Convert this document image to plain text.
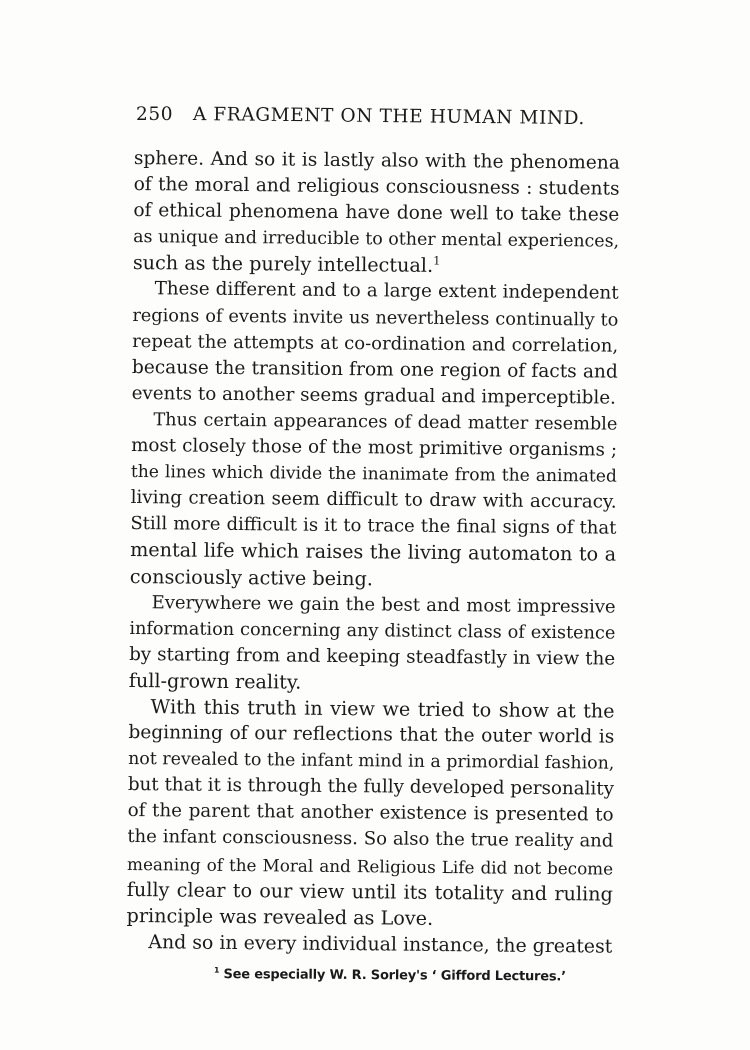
250 A FRAGMENT ON THE HUMAN MIND.
sphere. And so it is lastly also with the phenomena
of the moral and religious consciousness : students
of ethical phenomena have done well to take these
as unique and irreducible to other mental experiences,
such as the purely intellectual.$^1$
These different and to a large extent independent
regions of events invite us nevertheless continually to
repeat the attempts at co-ordination and correlation,
because the transition from one region of facts and
events to another seems gradual and imperceptible.
Thus certain appearances of dead matter resemble
most closely those of the most primitive organisms ;
the lines which divide the inanimate from the animated
living creation seem difficult to draw with accuracy.
Still more difficult is it to trace the final signs of that
mental life which raises the living automaton to a
consciously active being.
Everywhere we gain the best and most impressive
information concerning any distinct class of existence
by starting from and keeping steadfastly in view the
full-grown reality.
With this truth in view we tried to show at the
beginning of our reflections that the outer world is
not revealed to the infant mind in a primordial fashion,
but that it is through the fully developed personality
of the parent that another existence is presented to
the infant consciousness. So also the true reality and
meaning of the Moral and Religious Life did not become
fully clear to our view until its totality and ruling
principle was revealed as Love.
And so in every individual instance, the greatest
$^1$ See especially W. R. Sorley's ‘ Gifford Lectures.’
